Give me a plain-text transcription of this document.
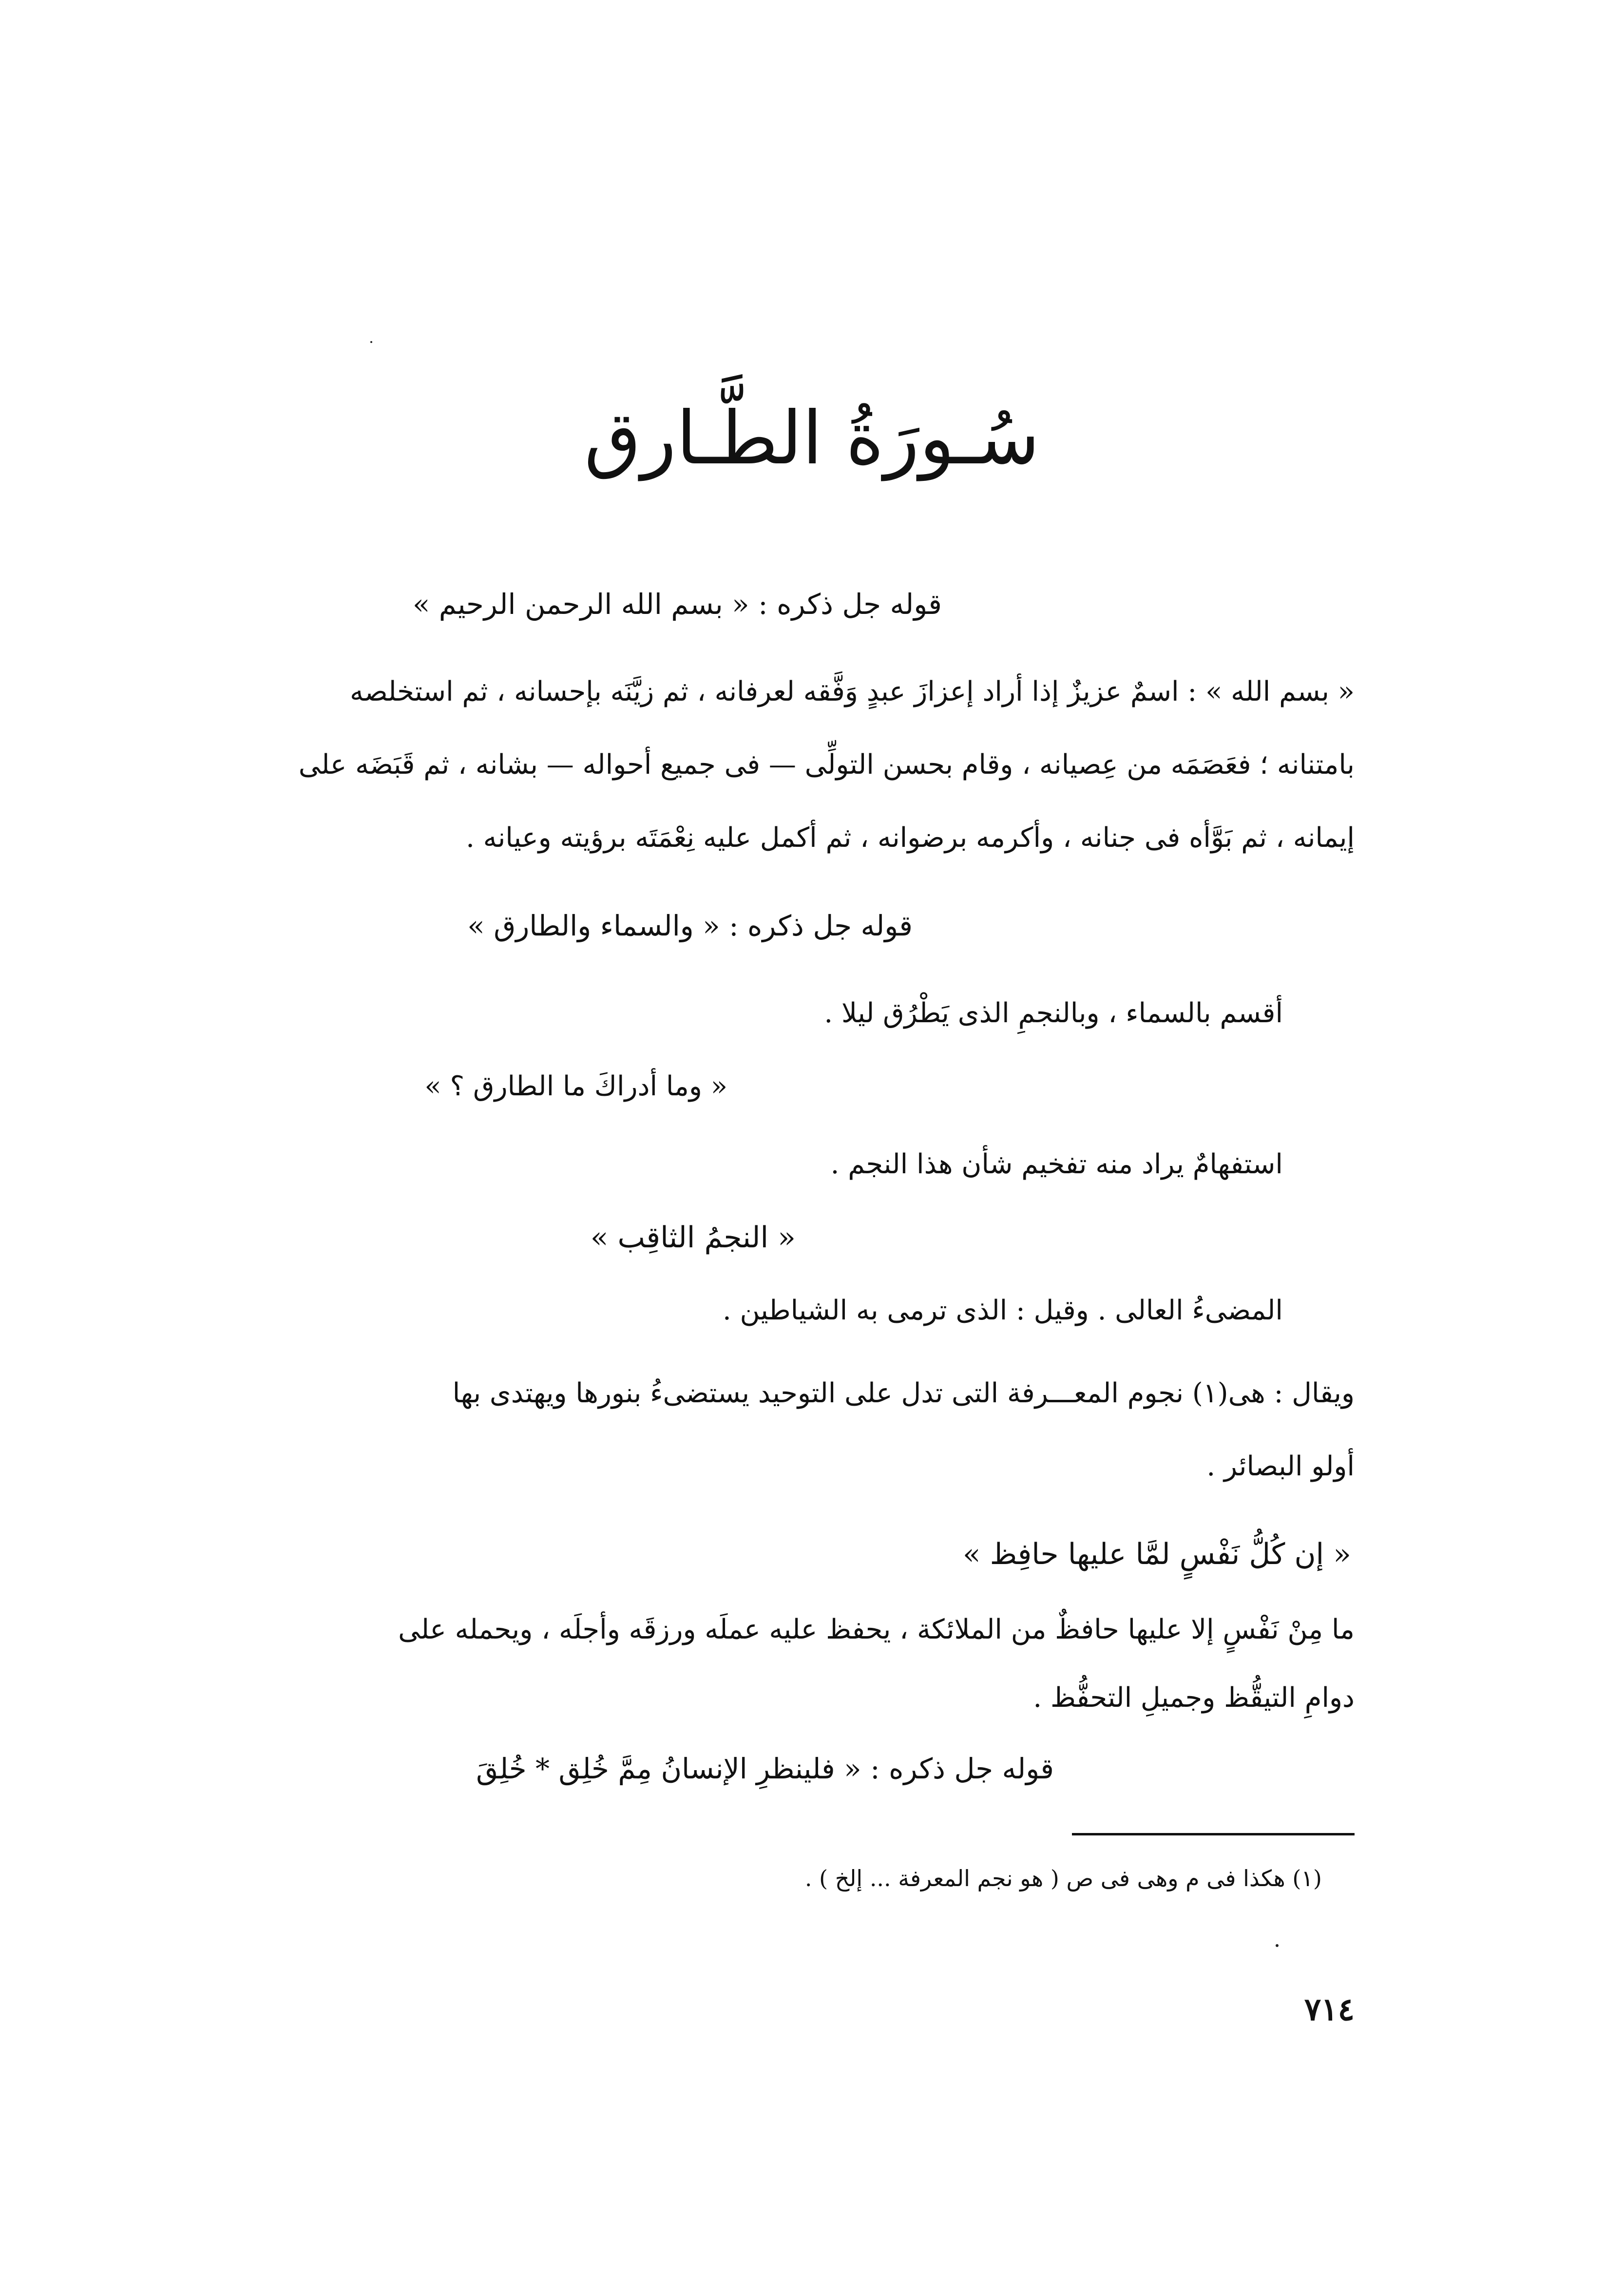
سُـورَةُ الطَّـارق
قوله جل ذكره : « بسم الله الرحمن الرحيم »
« بسم الله » : اسمٌ عزيزٌ إذا أراد إعزازَ عبدٍ وَفَّقه لعرفانه ، ثم زيَّنَه بإحسانه ، ثم استخلصه
بامتنانه ؛ فعَصَمَه من عِصيانه ، وقام بحسن التولِّى — فى جميع أحواله — بشانه ، ثم قَبَضَه على
إيمانه ، ثم بَوَّأه فى جنانه ، وأكرمه برضوانه ، ثم أكمل عليه نِعْمَتَه برؤيته وعيانه .
قوله جل ذكره : « والسماء والطارق »
أقسم بالسماء ، وبالنجمِ الذى يَطْرُق ليلا .
« وما أدراكَ ما الطارق ؟ »
استفهامٌ يراد منه تفخيم شأن هذا النجم .
« النجمُ الثاقِب »
المضىءُ العالى . وقيل : الذى ترمى به الشياطين .
ويقال : هى(١) نجوم المعـــرفة التى تدل على التوحيد يستضىءُ بنورها ويهتدى بها
أولو البصائر .
« إن كُلُّ نَفْسٍ لمَّا عليها حافِظ »
ما مِنْ نَفْسٍ إلا عليها حافظٌ من الملائكة ، يحفظ عليه عملَه ورزقَه وأجلَه ، ويحمله على
دوامِ التيقُّظ وجميلِ التحفُّظ .
قوله جل ذكره : « فلينظرِ الإنسانُ مِمَّ خُلِق * خُلِقَ
(١) هكذا فى م وهى فى ص ( هو نجم المعرفة ... إلخ ) .
٧١٤
